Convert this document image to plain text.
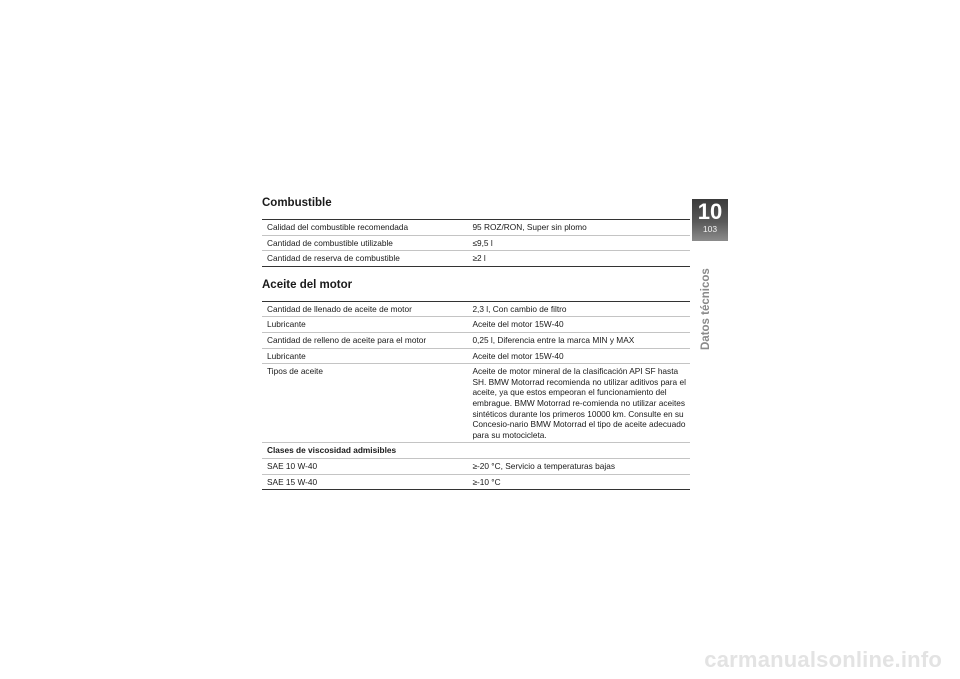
Combustible
Calidad del combustible recomendada	95 ROZ/RON, Super sin plomo
Cantidad de combustible utilizable	≤9,5 l
Cantidad de reserva de combustible	≥2 l
Aceite del motor
Cantidad de llenado de aceite de motor	2,3 l, Con cambio de filtro
Lubricante	Aceite del motor 15W-40
Cantidad de relleno de aceite para el motor	0,25 l, Diferencia entre la marca MIN y MAX
Lubricante	Aceite del motor 15W-40
Tipos de aceite	Aceite de motor mineral de la clasificación API SF hasta SH. BMW Motorrad recomienda no utilizar aditivos para el aceite, ya que estos empeoran el funcionamiento del embrague. BMW Motorrad re-comienda no utilizar aceites sintéticos durante los primeros 10000 km. Consulte en su Concesio-nario BMW Motorrad el tipo de aceite adecuado para su motocicleta.
Clases de viscosidad admisibles	
SAE 10 W-40	≥-20 °C, Servicio a temperaturas bajas
SAE 15 W-40	≥-10 °C
10
103
Datos técnicos
carmanualsonline.info
